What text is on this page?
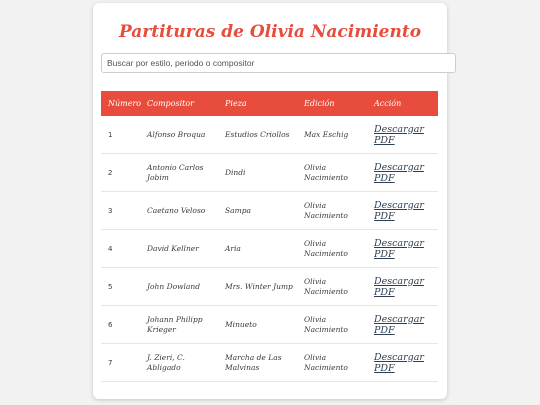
Partituras de Olivia Nacimiento
Buscar por estilo, periodo o compositor
Número	Compositor	Pieza	Edición	Acción
1	Alfonso Broqua	Estudios Criollos	Max Eschig	Descargar PDF
2	Antonio Carlos Jobim	Dindi	Olivia Nacimiento	Descargar PDF
3	Caetano Veloso	Sampa	Olivia Nacimiento	Descargar PDF
4	David Kellner	Aria	Olivia Nacimiento	Descargar PDF
5	John Dowland	Mrs. Winter Jump	Olivia Nacimiento	Descargar PDF
6	Johann Philipp Krieger	Minueto	Olivia Nacimiento	Descargar PDF
7	J. Zieri, C. Abligado	Marcha de Las Malvinas	Olivia Nacimiento	Descargar PDF
